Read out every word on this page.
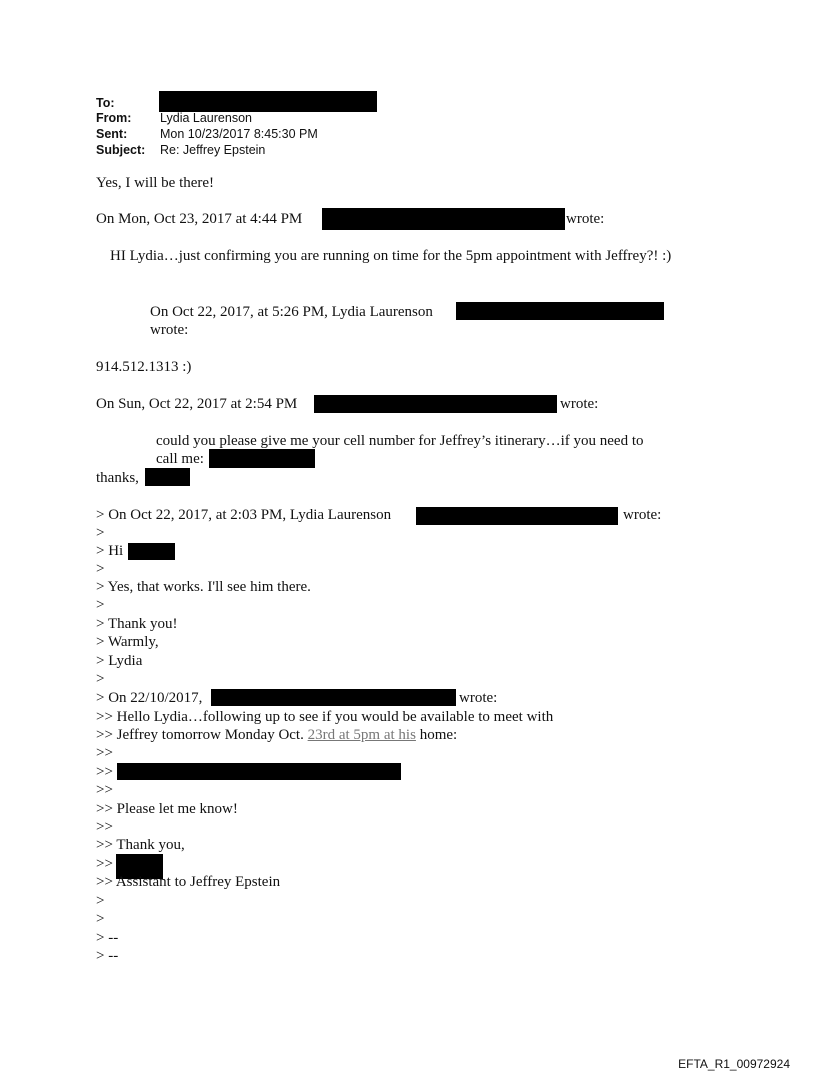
To:
From: Lydia Laurenson
Sent:	Mon 10/23/2017 8:45:30 PM
Subject: Re: Jeffrey Epstein
Yes, I will be there!
On Mon, Oct 23, 2017 at 4:44 PM	wrote:
HI Lydia…just confirming you are running on time for the 5pm appointment with Jeffrey?! :)
On Oct 22, 2017, at 5:26 PM, Lydia Laurenson
wrote:
914.512.1313 :)
On Sun, Oct 22, 2017 at 2:54 PM	wrote:
could you please give me your cell number for Jeffrey’s itinerary…if you need to
call me:
thanks,
> On Oct 22, 2017, at 2:03 PM, Lydia Laurenson	wrote:
>
> Hi
>
> Yes, that works. I'll see him there.
>
> Thank you!
> Warmly,
> Lydia
>
> On 22/10/2017,	wrote:
>> Hello Lydia…following up to see if you would be available to meet with
>> Jeffrey tomorrow Monday Oct. 23rd at 5pm at his home:
>>
>>
>>
>> Please let me know!
>>
>> Thank you,
>>
>> Assistant to Jeffrey Epstein
>
>
> --
> --
EFTA_R1_00972924
